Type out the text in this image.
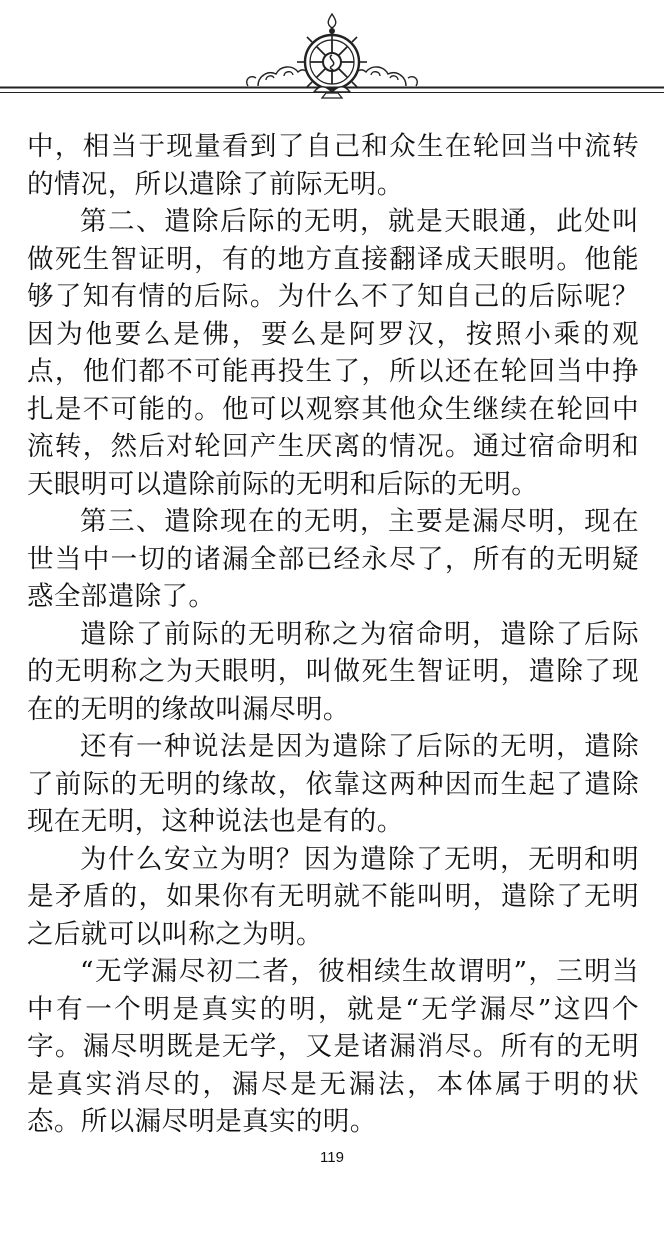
中，相当于现量看到了自己和众生在轮回当中流转的情况，所以遣除了前际无明。

第二、遣除后际的无明，就是天眼通，此处叫做死生智证明，有的地方直接翻译成天眼明。他能够了知有情的后际。为什么不了知自己的后际呢？因为他要么是佛，要么是阿罗汉，按照小乘的观点，他们都不可能再投生了，所以还在轮回当中挣扎是不可能的。他可以观察其他众生继续在轮回中流转，然后对轮回产生厌离的情况。通过宿命明和天眼明可以遣除前际的无明和后际的无明。

第三、遣除现在的无明，主要是漏尽明，现在世当中一切的诸漏全部已经永尽了，所有的无明疑惑全部遣除了。

遣除了前际的无明称之为宿命明，遣除了后际的无明称之为天眼明，叫做死生智证明，遣除了现在的无明的缘故叫漏尽明。

还有一种说法是因为遣除了后际的无明，遣除了前际的无明的缘故，依靠这两种因而生起了遣除现在无明，这种说法也是有的。

为什么安立为明？因为遣除了无明，无明和明是矛盾的，如果你有无明就不能叫明，遣除了无明之后就可以叫称之为明。

“无学漏尽初二者，彼相续生故谓明”，三明当中有一个明是真实的明，就是“无学漏尽”这四个字。漏尽明既是无学，又是诸漏消尽。所有的无明是真实消尽的，漏尽是无漏法，本体属于明的状态。所以漏尽明是真实的明。

119
